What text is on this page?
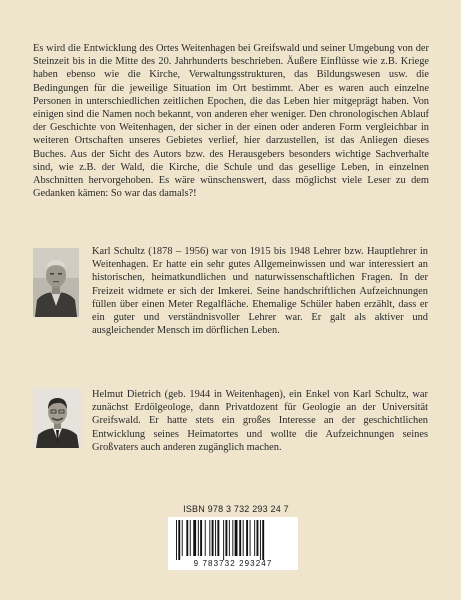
Es wird die Entwicklung des Ortes Weitenhagen bei Greifswald und seiner Umgebung von der Steinzeit bis in die Mitte des 20. Jahrhunderts beschrieben. Äußere Einflüsse wie z.B. Kriege haben ebenso wie die Kirche, Verwaltungsstrukturen, das Bildungswesen usw. die Bedingungen für die jeweilige Situation im Ort bestimmt. Aber es waren auch einzelne Personen in unterschiedlichen zeitlichen Epochen, die das Leben hier mitgeprägt haben. Von einigen sind die Namen noch bekannt, von anderen eher weniger. Den chronologischen Ablauf der Geschichte von Weitenhagen, der sicher in der einen oder anderen Form vergleichbar in weiteren Ortschaften unseres Gebietes verlief, hier darzustellen, ist das Anliegen dieses Buches. Aus der Sicht des Autors bzw. des Herausgebers besonders wichtige Sachverhalte sind, wie z.B. der Wald, die Kirche, die Schule und das gesellige Leben, in einzelnen Abschnitten hervorgehoben. Es wäre wünschenswert, dass möglichst viele Leser zu dem Gedanken kämen: So war das damals?!

Karl Schultz (1878 – 1956) war von 1915 bis 1948 Lehrer bzw. Hauptlehrer in Weitenhagen. Er hatte ein sehr gutes Allgemeinwissen und war interessiert an historischen, heimatkundlichen und naturwissenschaftlichen Fragen. In der Freizeit widmete er sich der Imkerei. Seine handschriftlichen Aufzeichnungen füllen über einen Meter Regalfläche. Ehemalige Schüler haben erzählt, dass er ein guter und verständnisvoller Lehrer war. Er galt als aktiver und ausgleichender Mensch im dörflichen Leben.

Helmut Dietrich (geb. 1944 in Weitenhagen), ein Enkel von Karl Schultz, war zunächst Erdölgeologe, dann Privatdozent für Geologie an der Universität Greifswald. Er hatte stets ein großes Interesse an der geschichtlichen Entwicklung seines Heimatortes und wollte die Aufzeichnungen seines Großvaters auch anderen zugänglich machen.

ISBN 978 3 732 293 24 7
9 783732 293247
